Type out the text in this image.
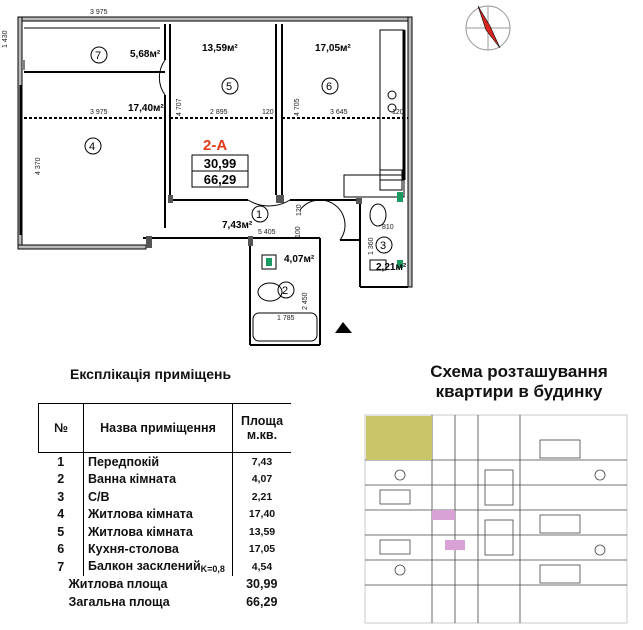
3 975
1 430
3 975	4 707	2 895	120	4 705	3 645	120
4 370
5 405	100
120
810
1 360
2 450
1 785
7	5,68м²
5
13,59м²
6
17,05м²
4
17,40м²
1
7,43м²
2
4,07м²
3
2,21м²
2-A
30,99
66,29
Експлікація приміщень
№	Назва приміщення	Площа м.кв.
1	Передпокій	7,43
2	Ванна кімната	4,07
3	С/В	2,21
4	Житлова кімната	17,40
5	Житлова кімната	13,59
6	Кухня-столова	17,05
7	Балкон заскленийK=0,8	4,54
Житлова площа		30,99
Загальна площа		66,29
Схема розташування
квартири в будинку
